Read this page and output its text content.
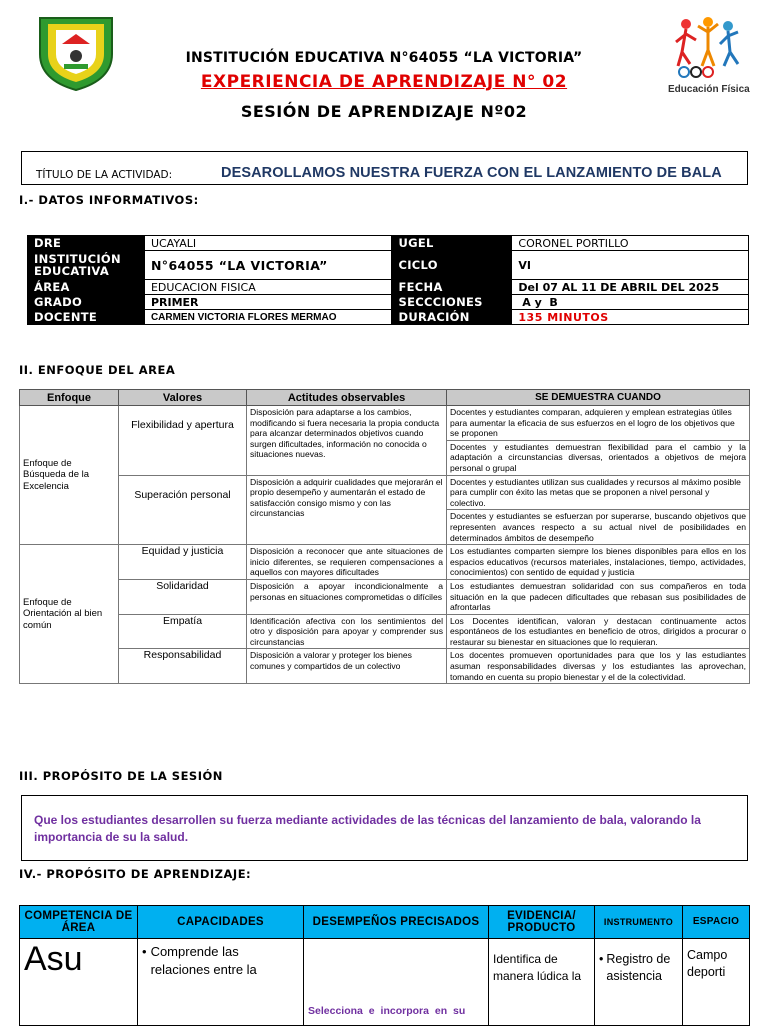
Educación Física
INSTITUCIÓN EDUCATIVA N°64055 “LA VICTORIA”
EXPERIENCIA DE APRENDIZAJE N° 02
SESIÓN DE APRENDIZAJE Nº02
TÍTULO DE LA ACTIVIDAD:	DESAROLLAMOS NUESTRA FUERZA CON EL LANZAMIENTO DE BALA
I.- DATOS INFORMATIVOS:
DRE	UCAYALI	UGEL	CORONEL PORTILLO
INSTITUCIÓN EDUCATIVA	N°64055 “LA VICTORIA”	CICLO	VI
ÁREA	EDUCACION FISICA	FECHA	Del 07 AL 11 DE ABRIL DEL 2025
GRADO	PRIMER	SECCCIONES	A y  B
DOCENTE	CARMEN VICTORIA FLORES MERMAO	DURACIÓN	135 MINUTOS
II. ENFOQUE DEL AREA
Enfoque	Valores	Actitudes observables	SE DEMUESTRA CUANDO
Enfoque de Búsqueda de la Excelencia	Flexibilidad y apertura	Disposición para adaptarse a los cambios, modificando si fuera necesaria la propia conducta para alcanzar determinados objetivos cuando surgen dificultades, información no conocida o situaciones nuevas.	Docentes y estudiantes comparan, adquieren y emplean estrategias útiles para aumentar la eficacia de sus esfuerzos en el logro de los objetivos que se proponen
			Docentes y estudiantes demuestran flexibilidad para el cambio y la adaptación a circunstancias diversas, orientados a objetivos de mejora personal o grupal
	Superación personal	Disposición a adquirir cualidades que mejorarán el propio desempeño y aumentarán el estado de satisfacción consigo mismo y con las circunstancias	Docentes y estudiantes utilizan sus cualidades y recursos al máximo posible para cumplir con éxito las metas que se proponen a nivel personal y colectivo.
			Docentes y estudiantes se esfuerzan por superarse, buscando objetivos que representen avances respecto a su actual nivel de posibilidades en determinados ámbitos de desempeño
Enfoque de Orientación al bien común	Equidad y justicia	Disposición a reconocer que ante situaciones de inicio diferentes, se requieren compensaciones a aquellos con mayores dificultades	Los estudiantes comparten siempre los bienes disponibles para ellos en los espacios educativos (recursos materiales, instalaciones, tiempo, actividades, conocimientos) con sentido de equidad y justicia
	Solidaridad	Disposición a apoyar incondicionalmente a personas en situaciones comprometidas o difíciles	Los estudiantes demuestran solidaridad con sus compañeros en toda situación en la que padecen dificultades que rebasan sus posibilidades de afrontarlas
	Empatía	Identificación afectiva con los sentimientos del otro y disposición para apoyar y comprender sus circunstancias	Los Docentes identifican, valoran y destacan continuamente actos espontáneos de los estudiantes en beneficio de otros, dirigidos a procurar o restaurar su bienestar en situaciones que lo requieran.
	Responsabilidad	Disposición a valorar y proteger los bienes comunes y compartidos de un colectivo	Los docentes promueven oportunidades para que los y las estudiantes asuman responsabilidades diversas y los estudiantes las aprovechan, tomando en cuenta su propio bienestar y el de la colectividad.
III. PROPÓSITO DE LA SESIÓN
Que los estudiantes desarrollen su fuerza mediante actividades de las técnicas del lanzamiento de bala, valorando la importancia de su la salud.
IV.- PROPÓSITO DE APRENDIZAJE:
COMPETENCIA DE ÁREA	CAPACIDADES	DESEMPEÑOS PRECISADOS	EVIDENCIA/ PRODUCTO	INSTRUMENTO	ESPACIO
Asu	• Comprende las relaciones entre la	Selecciona e incorpora en su	Identifica de manera lúdica la	• Registro de asistencia	Campo deporti
